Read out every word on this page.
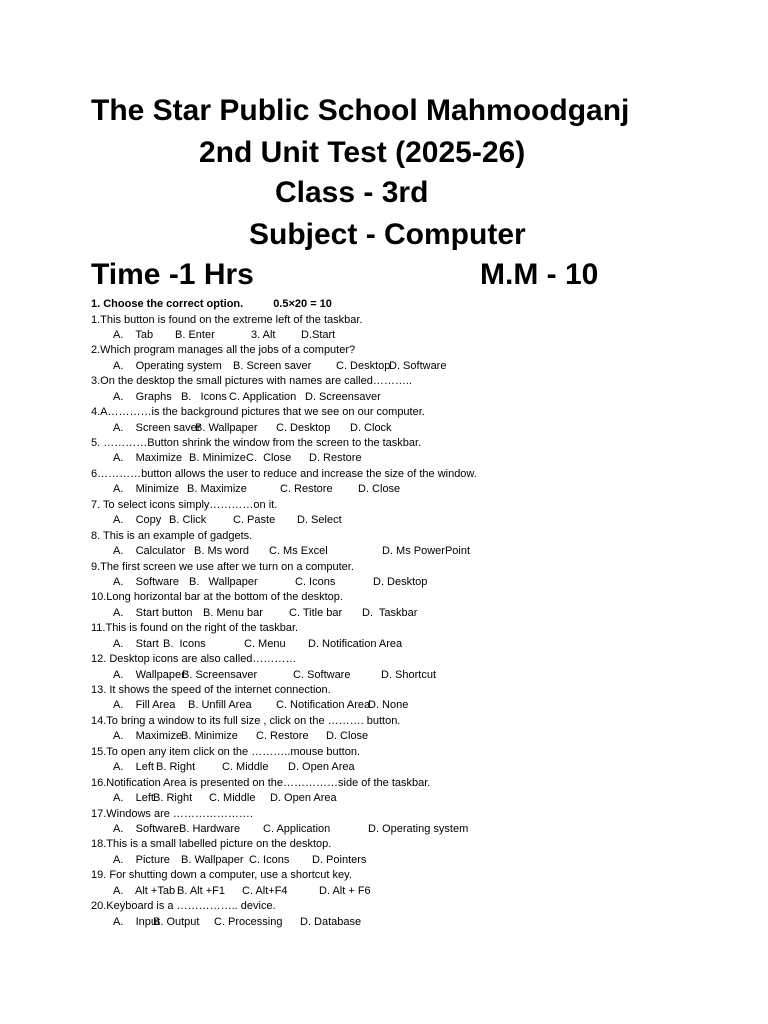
The Star Public School Mahmoodganj
2nd Unit Test (2025-26)
Class - 3rd
Subject - Computer
Time -1 Hrs	M.M - 10
1. Choose the correct option.	0.5×20 = 10
1.This button is found on the extreme left of the taskbar.
A.    Tab B. Enter	3. Alt D.Start
2.Which program manages all the jobs of a computer?
A.    Operating system B. Screen saver C. Desktop
D. Software
3.On the desktop the small pictures with names are called………..
A.    Graphs B.   Icons C. Application D. Screensaver
4.A…………is the background pictures that we see on our computer.
A.    Screen saver
B. Wallpaper C. Desktop D. Clock
5. …………Button shrink the window from the screen to the taskbar.
A.    Maximize B. Minimize C.  Close D. Restore
6…………button allows the user to reduce and increase the size of the window.
A.    Minimize B. Maximize	C. Restore D. Close
7. To select icons simply…………on it.
A.    Copy B. Click C. Paste D. Select
8. This is an example of gadgets.
A.    Calculator B. Ms word C. Ms Excel	D. Ms PowerPoint
9.The first screen we use after we turn on a computer.
A.    Software B.   Wallpaper	C. Icons	D. Desktop
10.Long horizontal bar at the bottom of the desktop.
A.    Start button B. Menu bar C. Title bar D.  Taskbar
11.This is found on the right of the taskbar.
A.    Start B.  Icons	C. Menu D. Notification Area
12. Desktop icons are also called…………
A.    Wallpaper
B. Screensaver	C. Software	D. Shortcut
13. It shows the speed of the internet connection.
A.    Fill Area B. Unfill Area C. Notification Area
D. None
14.To bring a window to its full size , click on the ………. button.
A.    Maximize
B. Minimize C. Restore D. Close
15.To open any item click on the ………..mouse button.
A.    Left B. Right C. Middle D. Open Area
16.Notification Area is presented on the……………side of the taskbar.
A.    Left B. Right C. Middle D. Open Area
17.Windows are ………………….
A.    Software B. Hardware C. Application	D. Operating system
18.This is a small labelled picture on the desktop.
A.    Picture B. Wallpaper C. Icons D. Pointers
19. For shutting down a computer, use a shortcut key.
A.    Alt +Tab B. Alt +F1 C. Alt+F4	D. Alt + F6
20.Keyboard is a …………….. device.
A.    Input
B. Output C. Processing D. Database
